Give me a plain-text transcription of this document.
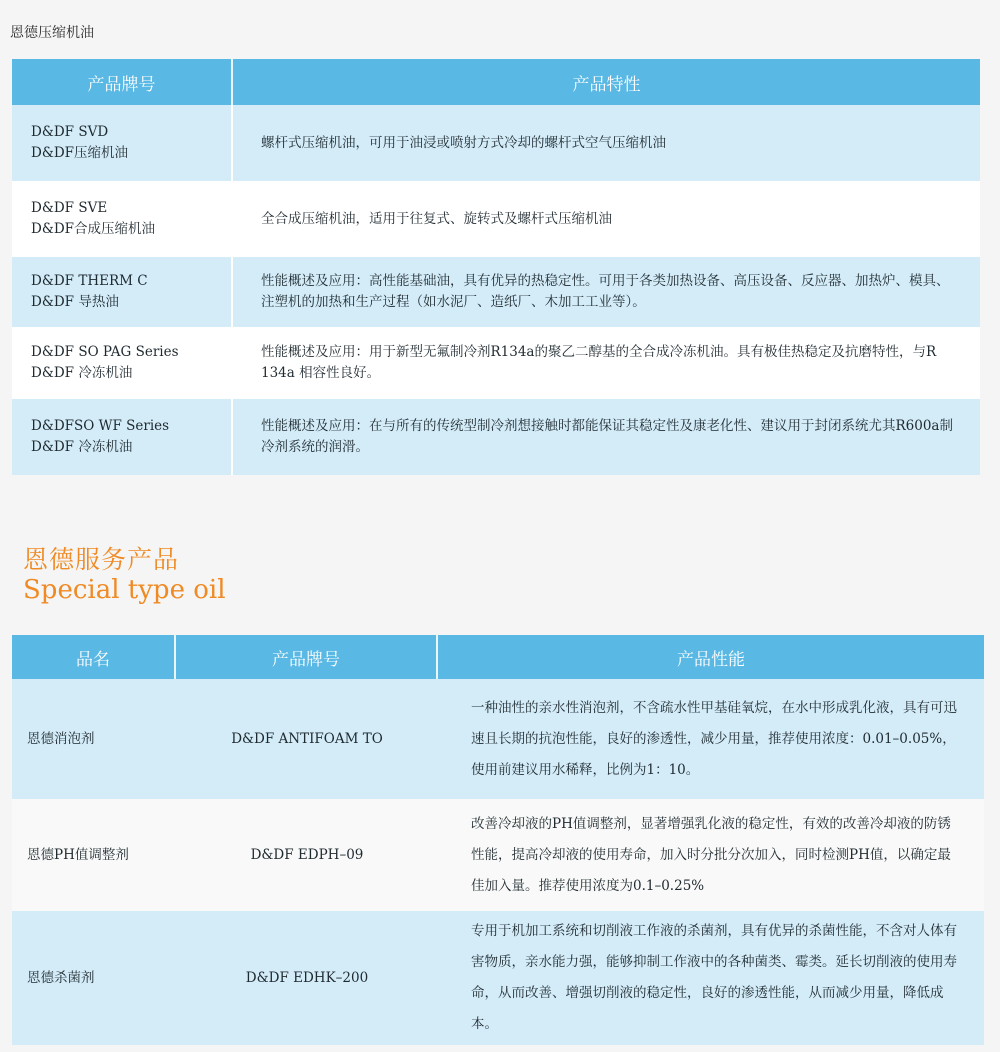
恩德压缩机油
产品牌号	产品特性

D&DF SVD
D&DF压缩机油	螺杆式压缩机油，可用于油浸或喷射方式冷却的螺杆式空气压缩机油

D&DF SVE
D&DF合成压缩机油	全合成压缩机油，适用于往复式、旋转式及螺杆式压缩机油

D&DF THERM C
D&DF 导热油	性能概述及应用：高性能基础油，具有优异的热稳定性。可用于各类加热设备、高压设备、反应器、加热炉、模具、注塑机的加热和生产过程（如水泥厂、造纸厂、木加工工业等）。

D&DF SO PAG Series
D&DF 冷冻机油	性能概述及应用：用于新型无氟制冷剂R134a的聚乙二醇基的全合成冷冻机油。具有极佳热稳定及抗磨特性，与R 134a 相容性良好。

D&DFSO WF Series
D&DF 冷冻机油	性能概述及应用：在与所有的传统型制冷剂想接触时都能保证其稳定性及康老化性、建议用于封闭系统尤其R600a制冷剂系统的润滑。
恩德服务产品
Special type oil
品名	产品牌号	产品性能
恩德消泡剂	D&DF ANTIFOAM TO	一种油性的亲水性消泡剂，不含疏水性甲基硅氧烷，在水中形成乳化液，具有可迅速且长期的抗泡性能，良好的渗透性，减少用量，推荐使用浓度：0.01–0.05%，使用前建议用水稀释，比例为1：10。
恩德PH值调整剂	D&DF EDPH–09	改善冷却液的PH值调整剂，显著增强乳化液的稳定性，有效的改善冷却液的防锈性能，提高冷却液的使用寿命，加入时分批分次加入，同时检测PH值，以确定最佳加入量。推荐使用浓度为0.1–0.25%
恩德杀菌剂	D&DF EDHK–200	专用于机加工系统和切削液工作液的杀菌剂，具有优异的杀菌性能，不含对人体有害物质，亲水能力强，能够抑制工作液中的各种菌类、霉类。延长切削液的使用寿命，从而改善、增强切削液的稳定性，良好的渗透性能，从而减少用量，降低成本。
